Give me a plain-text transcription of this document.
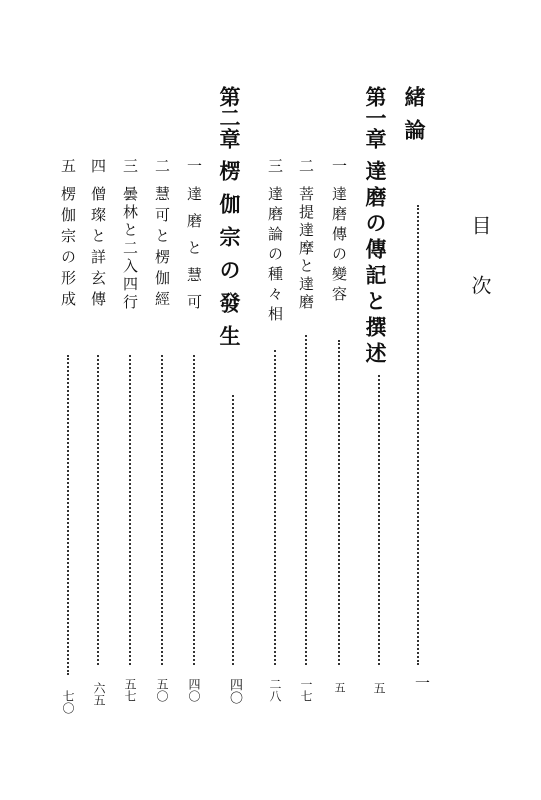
目次
緒論
一
第一章
達磨の傳記と撰述
五
一
達磨傳の變容
五
二
菩提達摩と達磨
一七
三
達磨論の種々相
二八
第二章
楞伽宗の發生
四〇
一
達磨と慧可
四〇
二
慧可と楞伽經
五〇
三
曇林と二入四行
五七
四
僧璨と詳玄傳
六五
五
楞伽宗の形成
七〇
